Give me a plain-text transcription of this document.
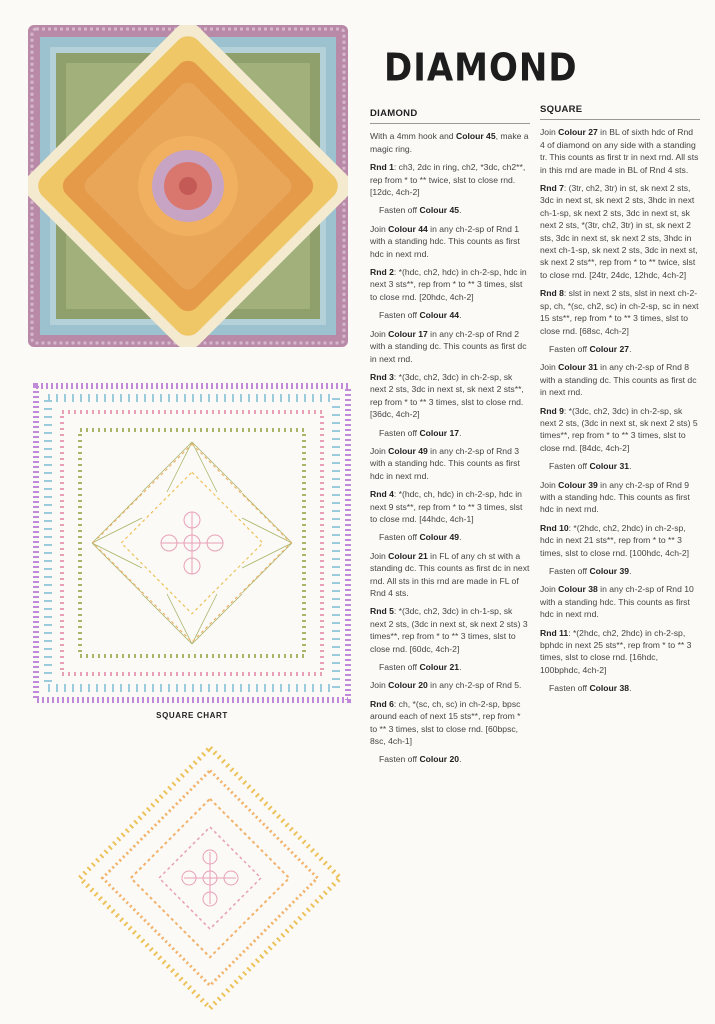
SQUARE CHART
DIAMOND
DIAMOND

With a 4mm hook and Colour 45, make a magic ring.

Rnd 1: ch3, 2dc in ring, ch2, *3dc, ch2**, rep from * to ** twice, slst to close rnd. [12dc, 4ch-2]

Fasten off Colour 45.

Join Colour 44 in any ch-2-sp of Rnd 1 with a standing hdc. This counts as first hdc in next rnd.

Rnd 2: *(hdc, ch2, hdc) in ch-2-sp, hdc in next 3 sts**, rep from * to ** 3 times, slst to close rnd. [20hdc, 4ch-2]

Fasten off Colour 44.

Join Colour 17 in any ch-2-sp of Rnd 2 with a standing dc. This counts as first dc in next rnd.

Rnd 3: *(3dc, ch2, 3dc) in ch-2-sp, sk next 2 sts, 3dc in next st, sk next 2 sts**, rep from * to ** 3 times, slst to close rnd. [36dc, 4ch-2]

Fasten off Colour 17.

Join Colour 49 in any ch-2-sp of Rnd 3 with a standing hdc. This counts as first hdc in next rnd.

Rnd 4: *(hdc, ch, hdc) in ch-2-sp, hdc in next 9 sts**, rep from * to ** 3 times, slst to close rnd. [44hdc, 4ch-1]

Fasten off Colour 49.

Join Colour 21 in FL of any ch st with a standing dc. This counts as first dc in next rnd. All sts in this rnd are made in FL of Rnd 4 sts.

Rnd 5: *(3dc, ch2, 3dc) in ch-1-sp, sk next 2 sts, (3dc in next st, sk next 2 sts) 3 times**, rep from * to ** 3 times, slst to close rnd. [60dc, 4ch-2]

Fasten off Colour 21.

Join Colour 20 in any ch-2-sp of Rnd 5.

Rnd 6: ch, *(sc, ch, sc) in ch-2-sp, bpsc around each of next 15 sts**, rep from * to ** 3 times, slst to close rnd. [60bpsc, 8sc, 4ch-1]

Fasten off Colour 20.

SQUARE

Join Colour 27 in BL of sixth hdc of Rnd 4 of diamond on any side with a standing tr. This counts as first tr in next rnd. All sts in this rnd are made in BL of Rnd 4 sts.

Rnd 7: (3tr, ch2, 3tr) in st, sk next 2 sts, 3dc in next st, sk next 2 sts, 3hdc in next ch-1-sp, sk next 2 sts, 3dc in next st, sk next 2 sts, *(3tr, ch2, 3tr) in st, sk next 2 sts, 3dc in next st, sk next 2 sts, 3hdc in next ch-1-sp, sk next 2 sts, 3dc in next st, sk next 2 sts**, rep from * to ** twice, slst to close rnd. [24tr, 24dc, 12hdc, 4ch-2]

Rnd 8: slst in next 2 sts, slst in next ch-2-sp, ch, *(sc, ch2, sc) in ch-2-sp, sc in next 15 sts**, rep from * to ** 3 times, slst to close rnd. [68sc, 4ch-2]

Fasten off Colour 27.

Join Colour 31 in any ch-2-sp of Rnd 8 with a standing dc. This counts as first dc in next rnd.

Rnd 9: *(3dc, ch2, 3dc) in ch-2-sp, sk next 2 sts, (3dc in next st, sk next 2 sts) 5 times**, rep from * to ** 3 times, slst to close rnd. [84dc, 4ch-2]

Fasten off Colour 31.

Join Colour 39 in any ch-2-sp of Rnd 9 with a standing hdc. This counts as first hdc in next rnd.

Rnd 10: *(2hdc, ch2, 2hdc) in ch-2-sp, hdc in next 21 sts**, rep from * to ** 3 times, slst to close rnd. [100hdc, 4ch-2]

Fasten off Colour 39.

Join Colour 38 in any ch-2-sp of Rnd 10 with a standing hdc. This counts as first hdc in next rnd.

Rnd 11: *(2hdc, ch2, 2hdc) in ch-2-sp, bphdc in next 25 sts**, rep from * to ** 3 times, slst to close rnd. [16hdc, 100bphdc, 4ch-2]

Fasten off Colour 38.
